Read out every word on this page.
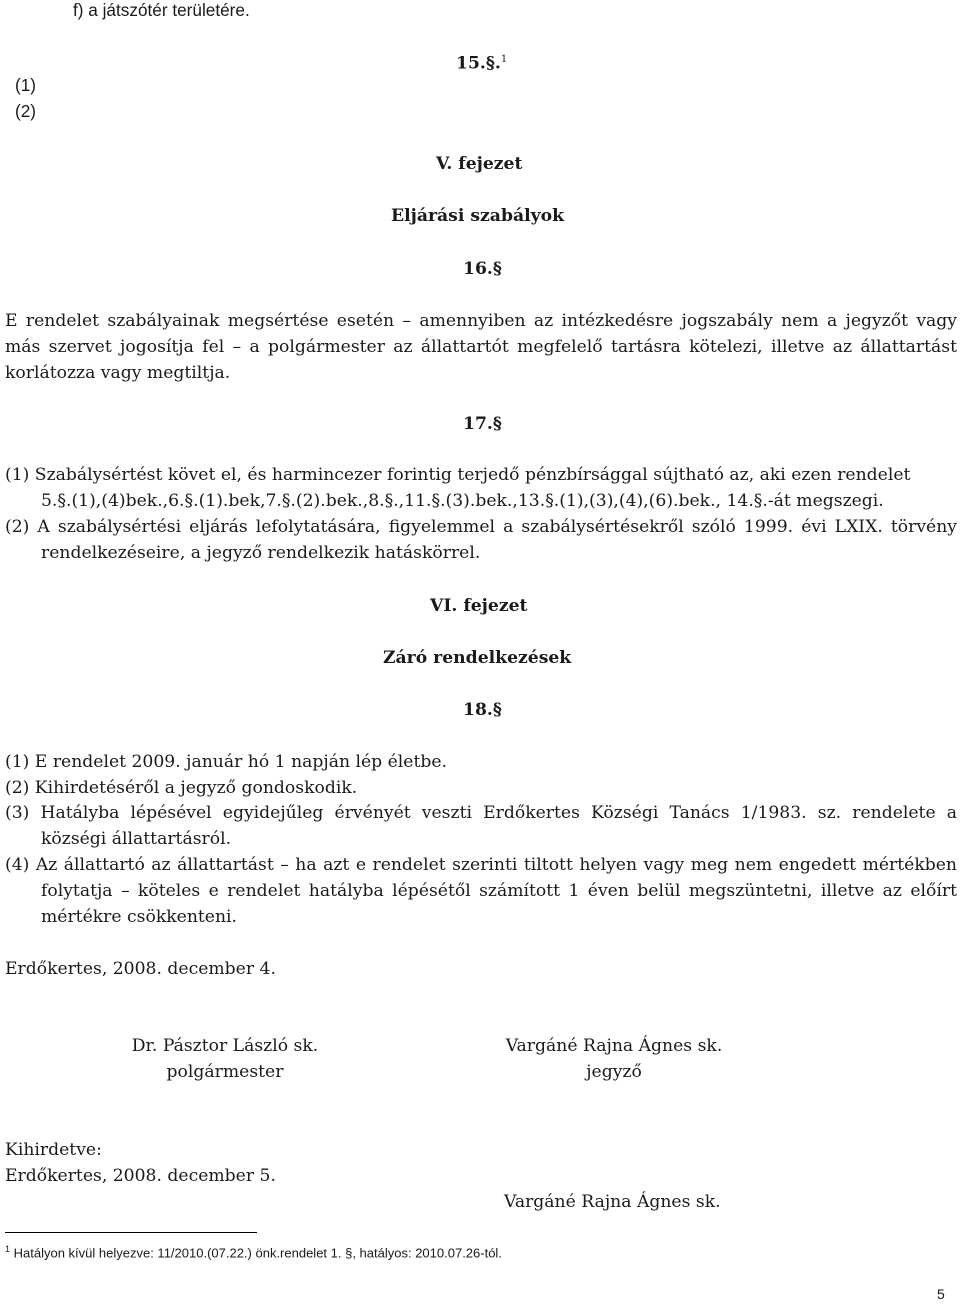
f) a játszótér területére.
(1)
(2)
15.§.$^1$
V. fejezet
Eljárási szabályok
16.§
E rendelet szabályainak megsértése esetén – amennyiben az intézkedésre jogszabály nem a jegyzőt vagy
más szervet jogosítja fel – a polgármester az állattartót megfelelő tartásra kötelezi, illetve az állattartást
korlátozza vagy megtiltja.
17.§
(1) Szabálysértést követ el, és harmincezer forintig terjedő pénzbírsággal sújtható az, aki ezen rendelet
5.§.(1),(4)bek.,6.§.(1).bek,7.§.(2).bek.,8.§.,11.§.(3).bek.,13.§.(1),(3),(4),(6).bek., 14.§.-át megszegi.
(2) A szabálysértési eljárás lefolytatására, figyelemmel a szabálysértésekről szóló 1999. évi LXIX. törvény
rendelkezéseire, a jegyző rendelkezik hatáskörrel.
VI. fejezet
Záró rendelkezések
18.§
(1) E rendelet 2009. január hó 1 napján lép életbe.
(2) Kihirdetéséről a jegyző gondoskodik.
(3) Hatályba lépésével egyidejűleg érvényét veszti Erdőkertes Községi Tanács 1/1983. sz. rendelete a
községi állattartásról.
(4) Az állattartó az állattartást – ha azt e rendelet szerinti tiltott helyen vagy meg nem engedett mértékben
folytatja – köteles e rendelet hatályba lépésétől számított 1 éven belül megszüntetni, illetve az előírt
mértékre csökkenteni.
Erdőkertes, 2008. december 4.
Dr. Pásztor László sk.
polgármester
Vargáné Rajna Ágnes sk.
jegyző
Kihirdetve:
Erdőkertes, 2008. december 5.
Vargáné Rajna Ágnes sk.
$^1$ Hatályon kívül helyezve: 11/2010.(07.22.) önk.rendelet 1. §, hatályos: 2010.07.26-tól.
5
